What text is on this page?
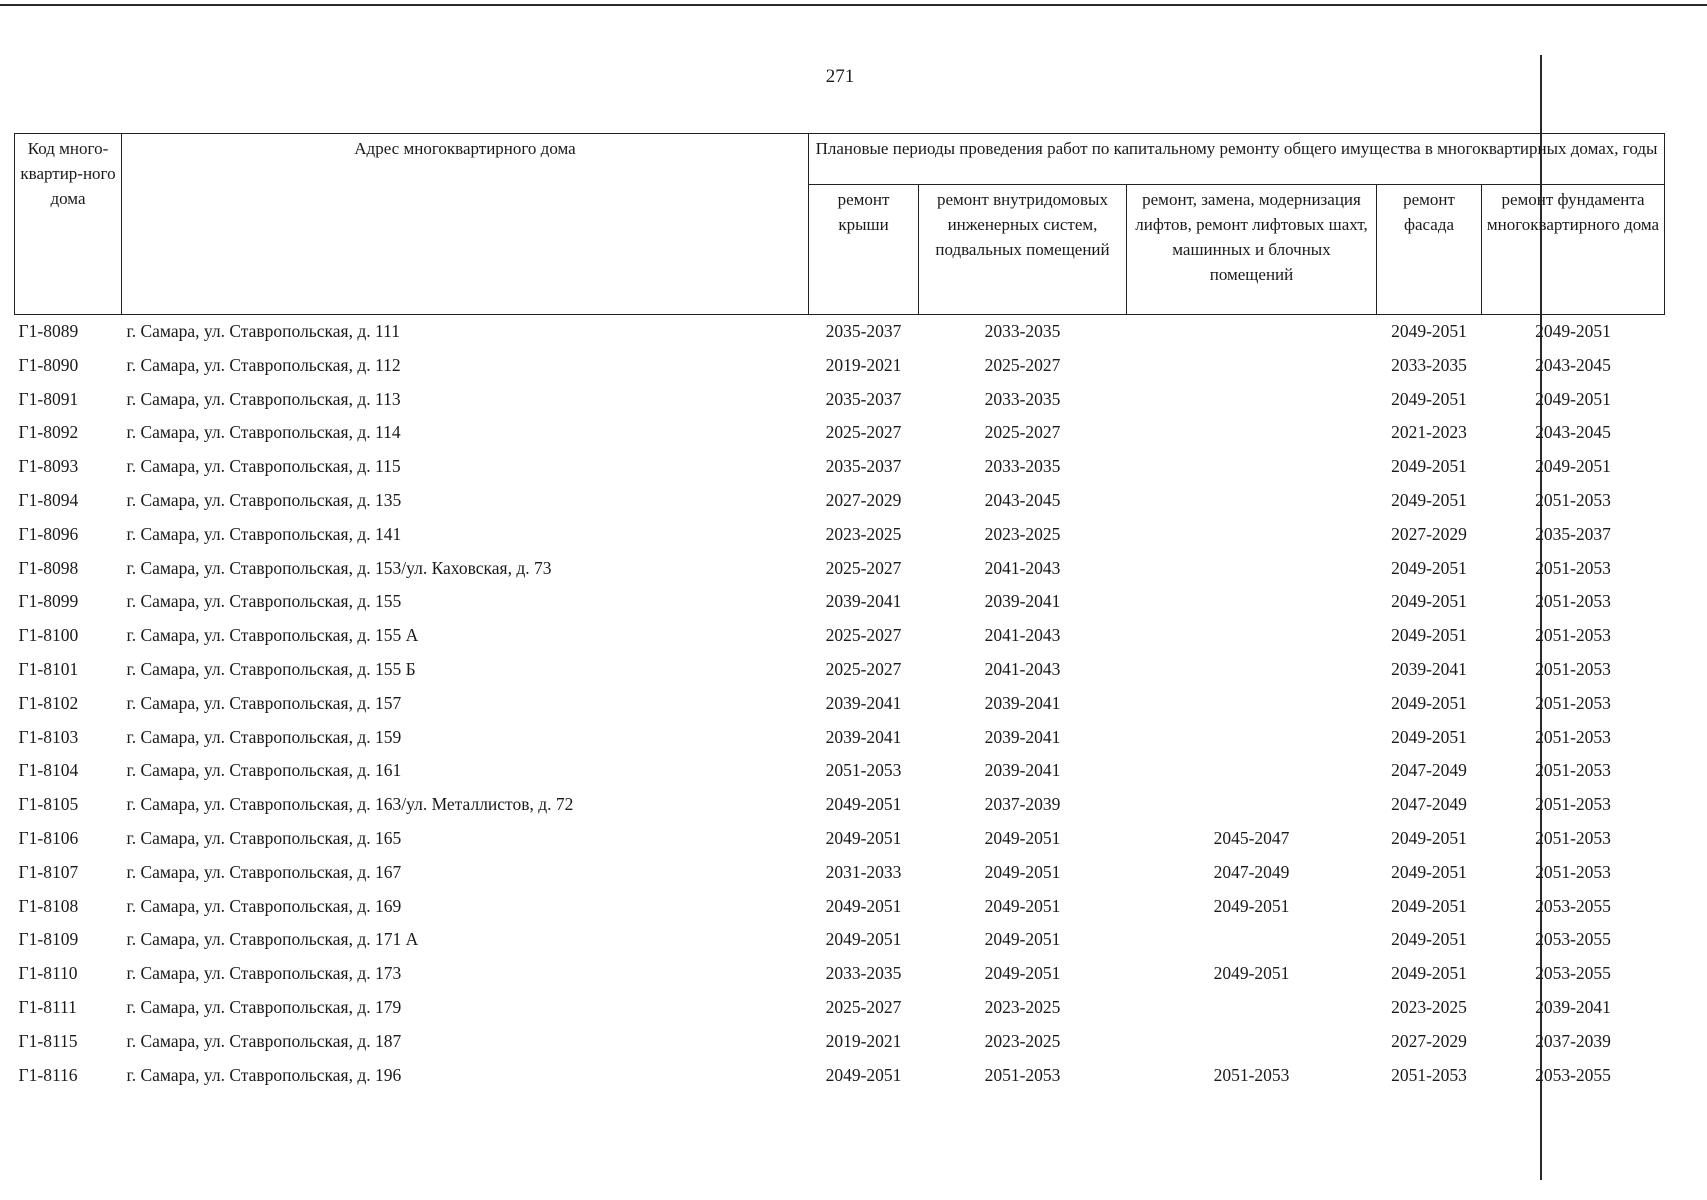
271
Код много-квартир-ного дома	Адрес многоквартирного дома	Плановые периоды проведения работ по капитальному ремонту общего имущества в многоквартирных домах, годы				
		ремонт крыши	ремонт внутридомовых инженерных систем, подвальных помещений	ремонт, замена, модернизация лифтов, ремонт лифтовых шахт, машинных и блочных помещений	ремонт фасада	ремонт фундамента многоквартирного дома
Г1-8089	г. Самара, ул. Ставропольская, д. 111	2035-2037	2033-2035		2049-2051	2049-2051
Г1-8090	г. Самара, ул. Ставропольская, д. 112	2019-2021	2025-2027		2033-2035	2043-2045
Г1-8091	г. Самара, ул. Ставропольская, д. 113	2035-2037	2033-2035		2049-2051	2049-2051
Г1-8092	г. Самара, ул. Ставропольская, д. 114	2025-2027	2025-2027		2021-2023	2043-2045
Г1-8093	г. Самара, ул. Ставропольская, д. 115	2035-2037	2033-2035		2049-2051	2049-2051
Г1-8094	г. Самара, ул. Ставропольская, д. 135	2027-2029	2043-2045		2049-2051	2051-2053
Г1-8096	г. Самара, ул. Ставропольская, д. 141	2023-2025	2023-2025		2027-2029	2035-2037
Г1-8098	г. Самара, ул. Ставропольская, д. 153/ул. Каховская, д. 73	2025-2027	2041-2043		2049-2051	2051-2053
Г1-8099	г. Самара, ул. Ставропольская, д. 155	2039-2041	2039-2041		2049-2051	2051-2053
Г1-8100	г. Самара, ул. Ставропольская, д. 155 А	2025-2027	2041-2043		2049-2051	2051-2053
Г1-8101	г. Самара, ул. Ставропольская, д. 155 Б	2025-2027	2041-2043		2039-2041	2051-2053
Г1-8102	г. Самара, ул. Ставропольская, д. 157	2039-2041	2039-2041		2049-2051	2051-2053
Г1-8103	г. Самара, ул. Ставропольская, д. 159	2039-2041	2039-2041		2049-2051	2051-2053
Г1-8104	г. Самара, ул. Ставропольская, д. 161	2051-2053	2039-2041		2047-2049	2051-2053
Г1-8105	г. Самара, ул. Ставропольская, д. 163/ул. Металлистов, д. 72	2049-2051	2037-2039		2047-2049	2051-2053
Г1-8106	г. Самара, ул. Ставропольская, д. 165	2049-2051	2049-2051	2045-2047	2049-2051	2051-2053
Г1-8107	г. Самара, ул. Ставропольская, д. 167	2031-2033	2049-2051	2047-2049	2049-2051	2051-2053
Г1-8108	г. Самара, ул. Ставропольская, д. 169	2049-2051	2049-2051	2049-2051	2049-2051	2053-2055
Г1-8109	г. Самара, ул. Ставропольская, д. 171 А	2049-2051	2049-2051		2049-2051	2053-2055
Г1-8110	г. Самара, ул. Ставропольская, д. 173	2033-2035	2049-2051	2049-2051	2049-2051	2053-2055
Г1-8111	г. Самара, ул. Ставропольская, д. 179	2025-2027	2023-2025		2023-2025	2039-2041
Г1-8115	г. Самара, ул. Ставропольская, д. 187	2019-2021	2023-2025		2027-2029	2037-2039
Г1-8116	г. Самара, ул. Ставропольская, д. 196	2049-2051	2051-2053	2051-2053	2051-2053	2053-2055
